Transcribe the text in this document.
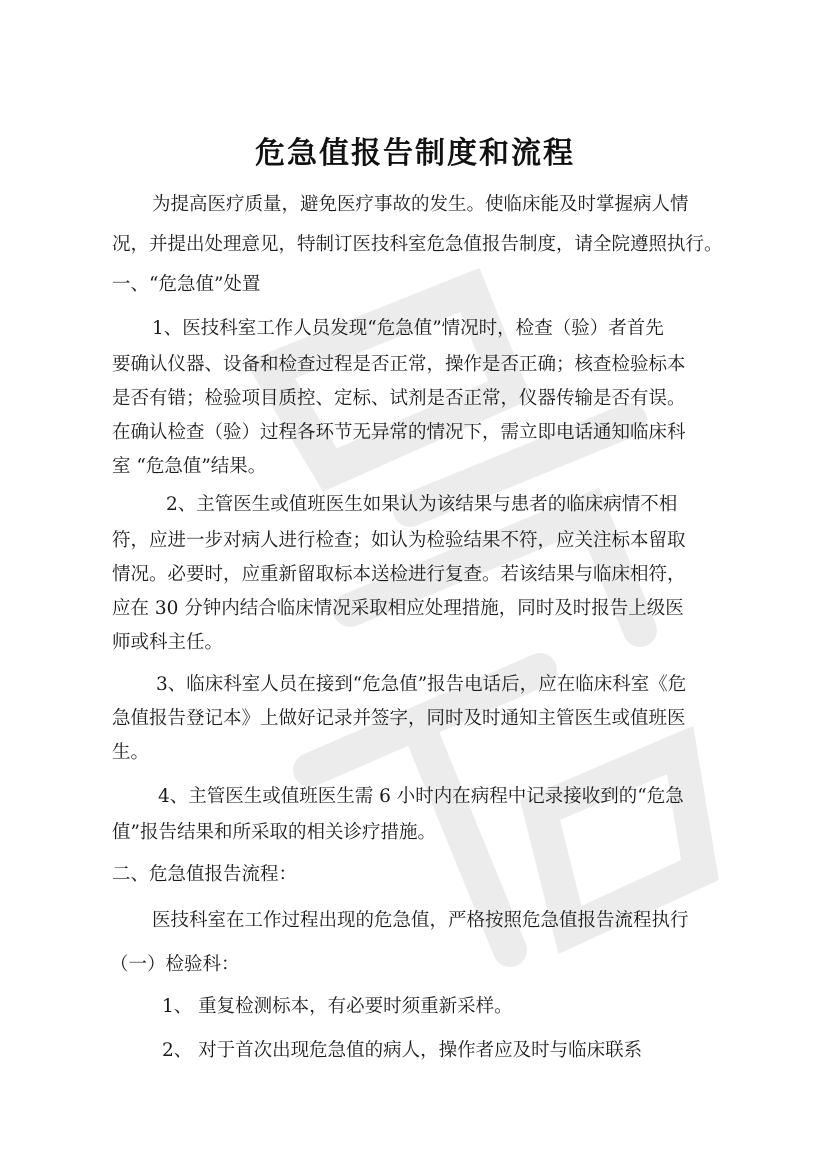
危急值报告制度和流程
为提高医疗质量，避免医疗事故的发生。使临床能及时掌握病人情
况，并提出处理意见，特制订医技科室危急值报告制度，请全院遵照执行。
一、“危急值”处置
1、医技科室工作人员发现“危急值”情况时，检查（验）者首先
要确认仪器、设备和检查过程是否正常，操作是否正确；核查检验标本
是否有错；检验项目质控、定标、试剂是否正常，仪器传输是否有误。
在确认检查（验）过程各环节无异常的情况下，需立即电话通知临床科
室 “危急值”结果。
2、主管医生或值班医生如果认为该结果与患者的临床病情不相
符，应进一步对病人进行检查；如认为检验结果不符，应关注标本留取
情况。必要时，应重新留取标本送检进行复查。若该结果与临床相符，
应在 30 分钟内结合临床情况采取相应处理措施，同时及时报告上级医
师或科主任。
3、临床科室人员在接到“危急值”报告电话后，应在临床科室《危
急值报告登记本》上做好记录并签字，同时及时通知主管医生或值班医
生。
4、主管医生或值班医生需 6 小时内在病程中记录接收到的“危急
值”报告结果和所采取的相关诊疗措施。
二、危急值报告流程：
医技科室在工作过程出现的危急值，严格按照危急值报告流程执行
（一）检验科：
1、 重复检测标本，有必要时须重新采样。
2、 对于首次出现危急值的病人，操作者应及时与临床联系
